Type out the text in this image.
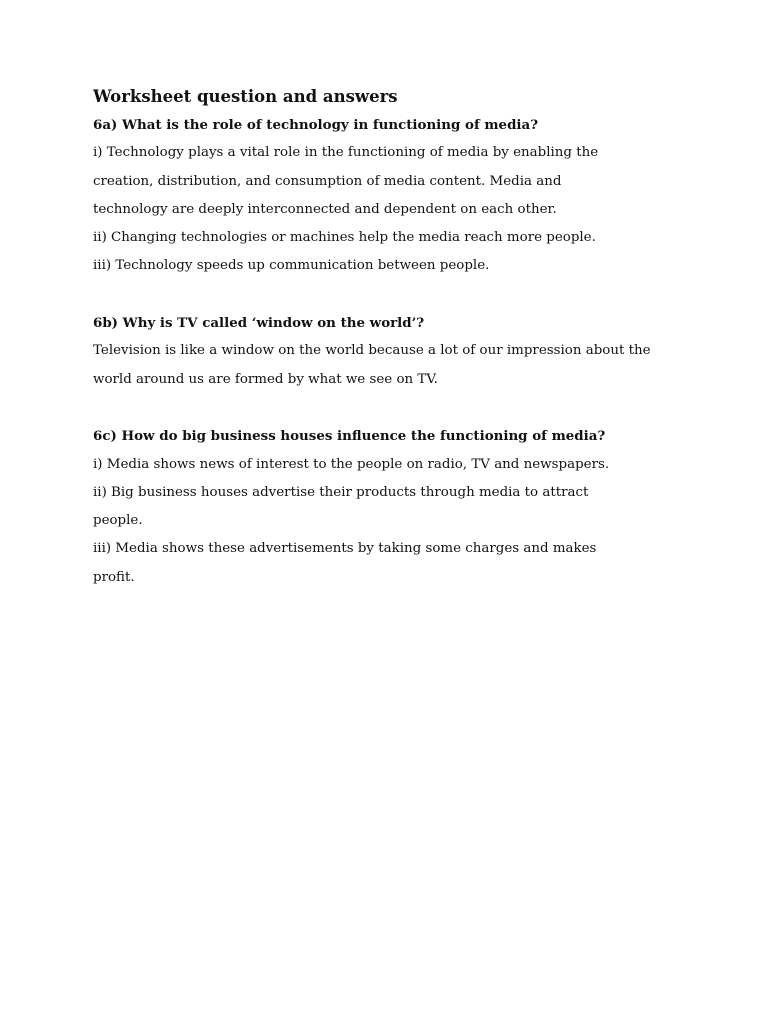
Worksheet question and answers
6a) What is the role of technology in functioning of media?
i) Technology plays a vital role in the functioning of media by enabling the
creation, distribution, and consumption of media content. Media and
technology are deeply interconnected and dependent on each other.
ii) Changing technologies or machines help the media reach more people.
iii) Technology speeds up communication between people.
6b) Why is TV called ‘window on the world’?
Television is like a window on the world because a lot of our impression about the
world around us are formed by what we see on TV.
6c) How do big business houses influence the functioning of media?
i) Media shows news of interest to the people on radio, TV and newspapers.
ii) Big business houses advertise their products through media to attract
people.
iii) Media shows these advertisements by taking some charges and makes
profit.
